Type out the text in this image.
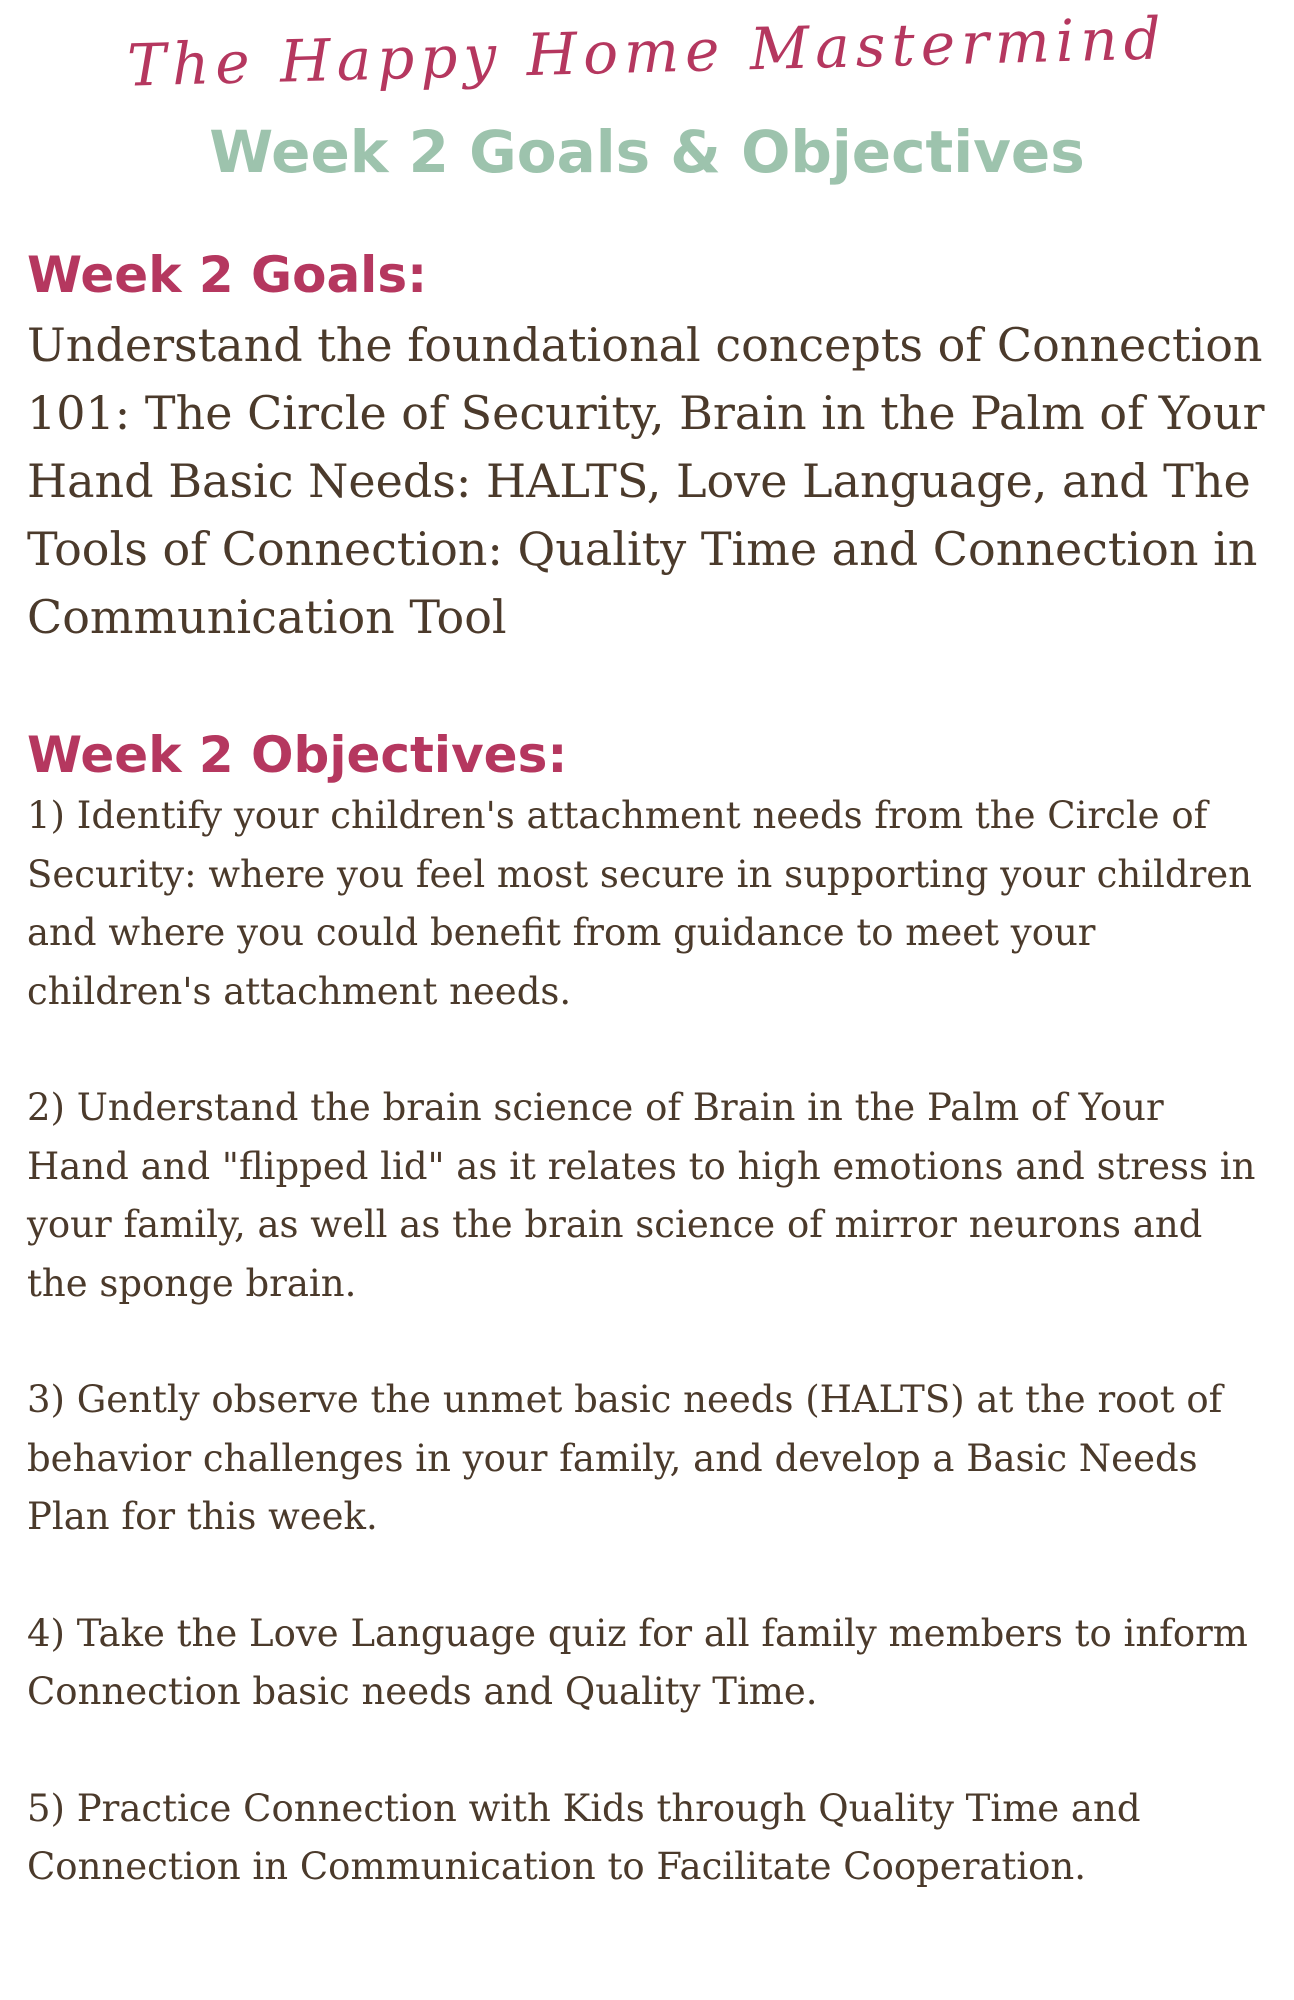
The Happy Home Mastermind
Week 2 Goals & Objectives
Week 2 Goals:

Understand the foundational concepts of Connection 101: The Circle of Security, Brain in the Palm of Your Hand Basic Needs: HALTS, Love Language, and The Tools of Connection: Quality Time and Connection in Communication Tool

Week 2 Objectives:

1) Identify your children's attachment needs from the Circle of Security: where you feel most secure in supporting your children and where you could benefit from guidance to meet your children's attachment needs.

2) Understand the brain science of Brain in the Palm of Your Hand and "flipped lid" as it relates to high emotions and stress in your family, as well as the brain science of mirror neurons and the sponge brain.

3) Gently observe the unmet basic needs (HALTS) at the root of behavior challenges in your family, and develop a Basic Needs Plan for this week.

4) Take the Love Language quiz for all family members to inform Connection basic needs and Quality Time.

5) Practice Connection with Kids through Quality Time and Connection in Communication to Facilitate Cooperation.
